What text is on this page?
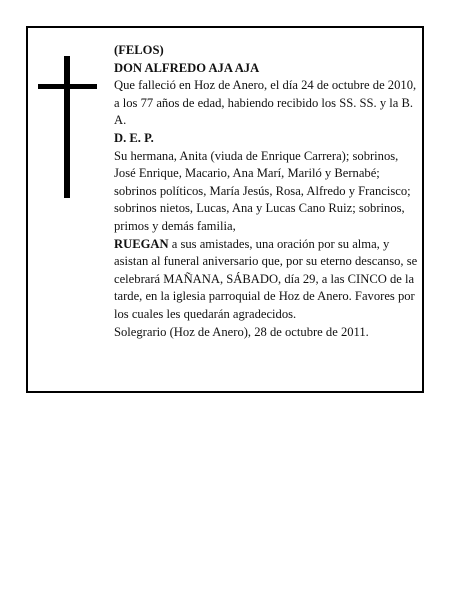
(FELOS)

DON ALFREDO AJA AJA

Que falleció en Hoz de Anero, el día 24 de octubre de 2010, a los 77 años de edad, habiendo recibido los SS. SS. y la B. A.

D. E. P.

Su hermana, Anita (viuda de Enrique Carrera); sobrinos, José Enrique, Macario, Ana Marí, Mariló y Bernabé; sobrinos políticos, María Jesús, Rosa, Alfredo y Francisco; sobrinos nietos, Lucas, Ana y Lucas Cano Ruiz; sobrinos, primos y demás familia,

RUEGAN a sus amistades, una oración por su alma, y asistan al funeral aniversario que, por su eterno descanso, se celebrará MAÑANA, SÁBADO, día 29, a las CINCO de la tarde, en la iglesia parroquial de Hoz de Anero. Favores por los cuales les quedarán agradecidos.

Solegrario (Hoz de Anero), 28 de octubre de 2011.
